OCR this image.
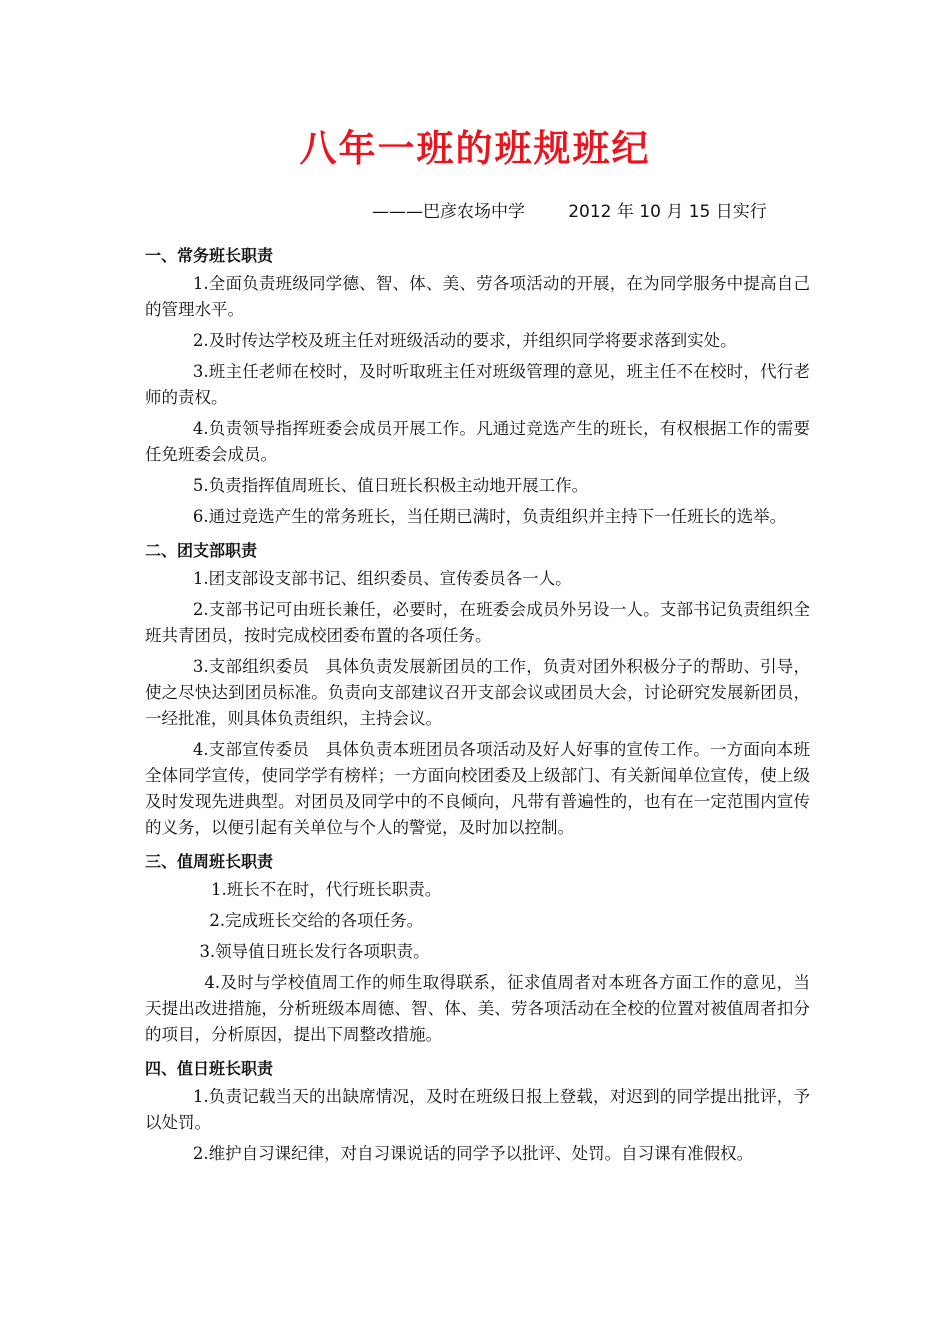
八年一班的班规班纪
———巴彦农场中学        2012 年 10 月 15 日实行
一、常务班长职责

1.全面负责班级同学德、智、体、美、劳各项活动的开展，在为同学服务中提高自己的管理水平。

2.及时传达学校及班主任对班级活动的要求，并组织同学将要求落到实处。

3.班主任老师在校时，及时听取班主任对班级管理的意见，班主任不在校时，代行老师的责权。

4.负责领导指挥班委会成员开展工作。凡通过竞选产生的班长，有权根据工作的需要任免班委会成员。

5.负责指挥值周班长、值日班长积极主动地开展工作。

6.通过竞选产生的常务班长，当任期已满时，负责组织并主持下一任班长的选举。

二、团支部职责

1.团支部设支部书记、组织委员、宣传委员各一人。

2.支部书记可由班长兼任，必要时，在班委会成员外另设一人。支部书记负责组织全班共青团员，按时完成校团委布置的各项任务。

3.支部组织委员　具体负责发展新团员的工作，负责对团外积极分子的帮助、引导，使之尽快达到团员标准。负责向支部建议召开支部会议或团员大会，讨论研究发展新团员，一经批准，则具体负责组织，主持会议。

4.支部宣传委员　具体负责本班团员各项活动及好人好事的宣传工作。一方面向本班全体同学宣传，使同学学有榜样；一方面向校团委及上级部门、有关新闻单位宣传，使上级及时发现先进典型。对团员及同学中的不良倾向，凡带有普遍性的，也有在一定范围内宣传的义务，以便引起有关单位与个人的警觉，及时加以控制。

三、值周班长职责

1.班长不在时，代行班长职责。

2.完成班长交给的各项任务。

3.领导值日班长发行各项职责。

4.及时与学校值周工作的师生取得联系，征求值周者对本班各方面工作的意见，当天提出改进措施，分析班级本周德、智、体、美、劳各项活动在全校的位置对被值周者扣分的项目，分析原因，提出下周整改措施。

四、值日班长职责

1.负责记载当天的出缺席情况，及时在班级日报上登载，对迟到的同学提出批评，予以处罚。

2.维护自习课纪律，对自习课说话的同学予以批评、处罚。自习课有准假权。
